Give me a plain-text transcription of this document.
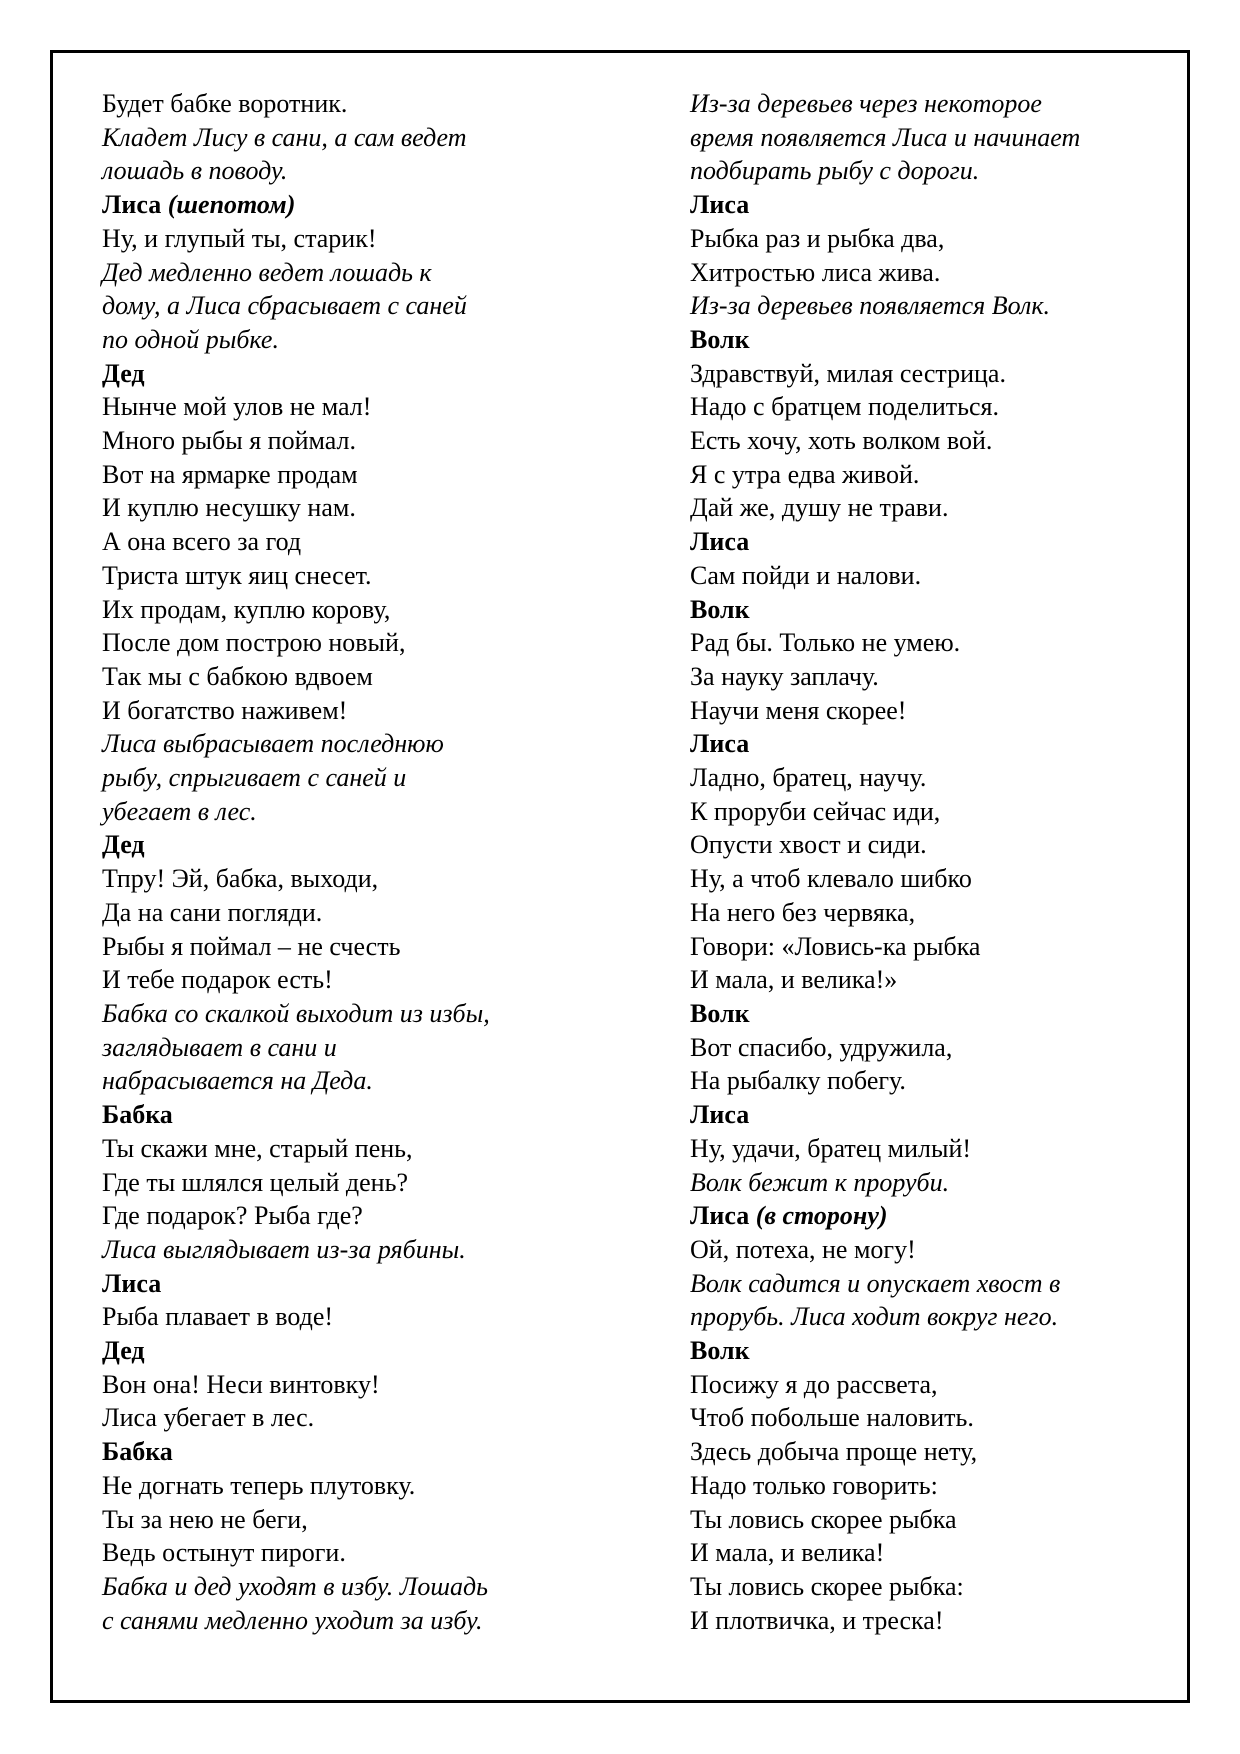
Будет бабке воротник.
Кладет Лису в сани, а сам ведет
лошадь в поводу.
Лиса (шепотом)
Ну, и глупый ты, старик!
Дед медленно ведет лошадь к
дому, а Лиса сбрасывает с саней
по одной рыбке.
Дед
Нынче мой улов не мал!
Много рыбы я поймал.
Вот на ярмарке продам
И куплю несушку нам.
А она всего за год
Триста штук яиц снесет.
Их продам, куплю корову,
После дом построю новый,
Так мы с бабкою вдвоем
И богатство наживем!
Лиса выбрасывает последнюю
рыбу, спрыгивает с саней и
убегает в лес.
Дед
Тпру! Эй, бабка, выходи,
Да на сани погляди.
Рыбы я поймал – не счесть
И тебе подарок есть!
Бабка со скалкой выходит из избы,
заглядывает в сани и
набрасывается на Деда.
Бабка
Ты скажи мне, старый пень,
Где ты шлялся целый день?
Где подарок? Рыба где?
Лиса выглядывает из-за рябины.
Лиса
Рыба плавает в воде!
Дед
Вон она! Неси винтовку!
Лиса убегает в лес.
Бабка
Не догнать теперь плутовку.
Ты за нею не беги,
Ведь остынут пироги.
Бабка и дед уходят в избу. Лошадь
с санями медленно уходит за избу.
Из-за деревьев через некоторое
время появляется Лиса и начинает
подбирать рыбу с дороги.
Лиса
Рыбка раз и рыбка два,
Хитростью лиса жива.
Из-за деревьев появляется Волк.
Волк
Здравствуй, милая сестрица.
Надо с братцем поделиться.
Есть хочу, хоть волком вой.
Я с утра едва живой.
Дай же, душу не трави.
Лиса
Сам пойди и налови.
Волк
Рад бы. Только не умею.
За науку заплачу.
Научи меня скорее!
Лиса
Ладно, братец, научу.
К проруби сейчас иди,
Опусти хвост и сиди.
Ну, а чтоб клевало шибко
На него без червяка,
Говори: «Ловись-ка рыбка
И мала, и велика!»
Волк
Вот спасибо, удружила,
На рыбалку побегу.
Лиса
Ну, удачи, братец милый!
Волк бежит к проруби.
Лиса (в сторону)
Ой, потеха, не могу!
Волк садится и опускает хвост в
прорубь. Лиса ходит вокруг него.
Волк
Посижу я до рассвета,
Чтоб побольше наловить.
Здесь добыча проще нету,
Надо только говорить:
Ты ловись скорее рыбка
И мала, и велика!
Ты ловись скорее рыбка:
И плотвичка, и треска!
